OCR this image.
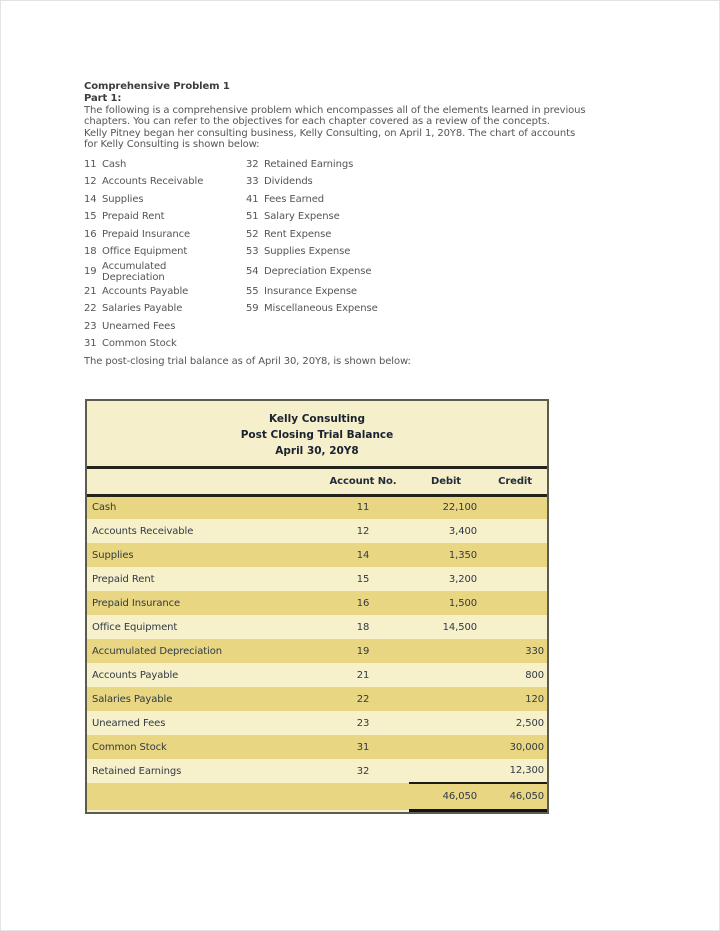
Comprehensive Problem 1
Part 1:
The following is a comprehensive problem which encompasses all of the elements learned in previous
chapters. You can refer to the objectives for each chapter covered as a review of the concepts.
Kelly Pitney began her consulting business, Kelly Consulting, on April 1, 20Y8. The chart of accounts
for Kelly Consulting is shown below:
11 Cash	32 Retained Earnings
12 Accounts Receivable	33 Dividends
14 Supplies	41 Fees Earned
15 Prepaid Rent	51 Salary Expense
16 Prepaid Insurance	52 Rent Expense
18 Office Equipment	53 Supplies Expense
19 Accumulated Depreciation	54 Depreciation Expense
21 Accounts Payable	55 Insurance Expense
22 Salaries Payable	59 Miscellaneous Expense
23 Unearned Fees
31 Common Stock
The post-closing trial balance as of April 30, 20Y8, is shown below:
Kelly Consulting
Post Closing Trial Balance
April 30, 20Y8
	Account No.	Debit	Credit
Cash	11	22,100	
Accounts Receivable	12	3,400	
Supplies	14	1,350	
Prepaid Rent	15	3,200	
Prepaid Insurance	16	1,500	
Office Equipment	18	14,500	
Accumulated Depreciation	19		330
Accounts Payable	21		800
Salaries Payable	22		120
Unearned Fees	23		2,500
Common Stock	31		30,000
Retained Earnings	32		12,300
		46,050	46,050
